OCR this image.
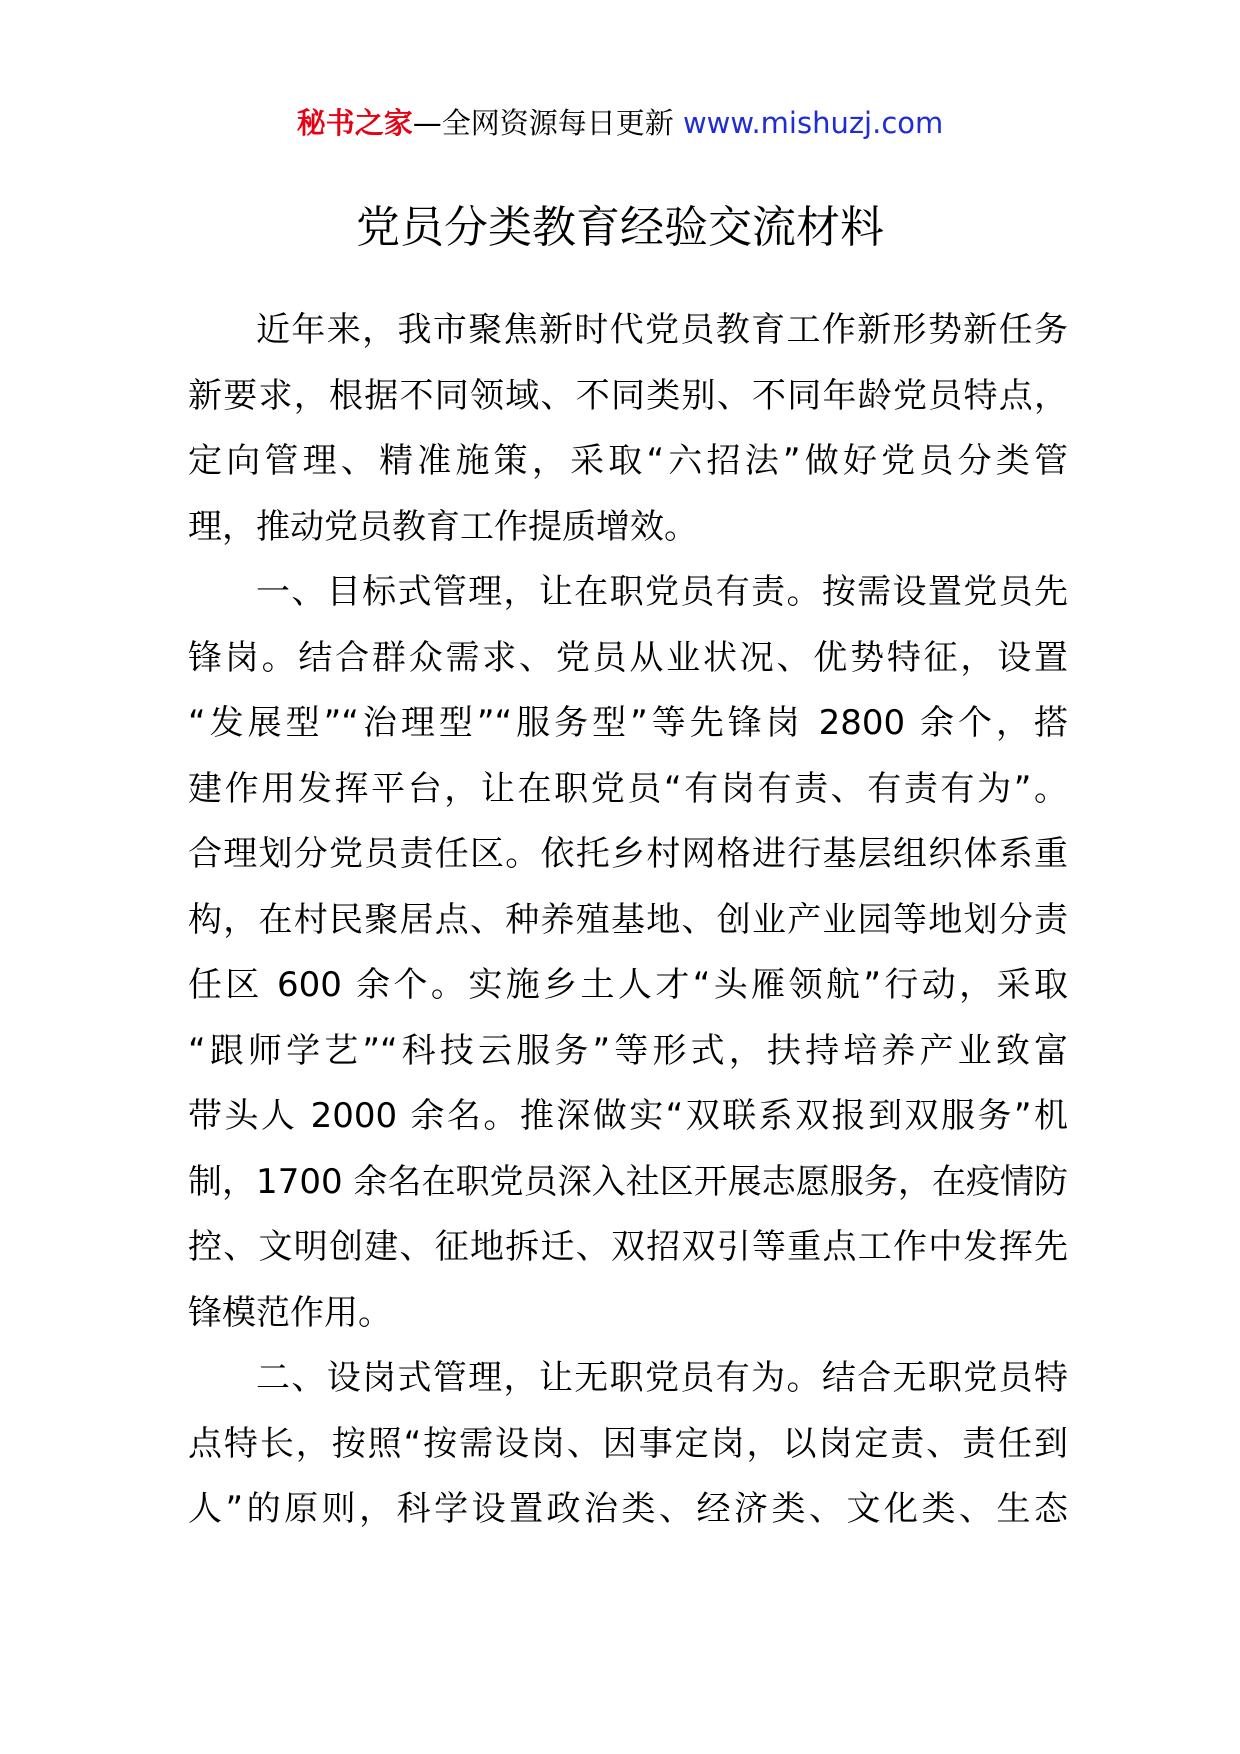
秘书之家—全网资源每日更新 www.mishuzj.com
党员分类教育经验交流材料
近年来，我市聚焦新时代党员教育工作新形势新任务
新要求，根据不同领域、不同类别、不同年龄党员特点，
定向管理、精准施策，采取“六招法”做好党员分类管
理，推动党员教育工作提质增效。
一、目标式管理，让在职党员有责。按需设置党员先
锋岗。结合群众需求、党员从业状况、优势特征，设置
“发展型”“治理型”“服务型”等先锋岗 2800 余个，搭
建作用发挥平台，让在职党员“有岗有责、有责有为”。
合理划分党员责任区。依托乡村网格进行基层组织体系重
构，在村民聚居点、种养殖基地、创业产业园等地划分责
任区 600 余个。实施乡土人才“头雁领航”行动，采取
“跟师学艺”“科技云服务”等形式，扶持培养产业致富
带头人 2000 余名。推深做实“双联系双报到双服务”机
制，1700 余名在职党员深入社区开展志愿服务，在疫情防
控、文明创建、征地拆迁、双招双引等重点工作中发挥先
锋模范作用。
二、设岗式管理，让无职党员有为。结合无职党员特
点特长，按照“按需设岗、因事定岗，以岗定责、责任到
人”的原则，科学设置政治类、经济类、文化类、生态
